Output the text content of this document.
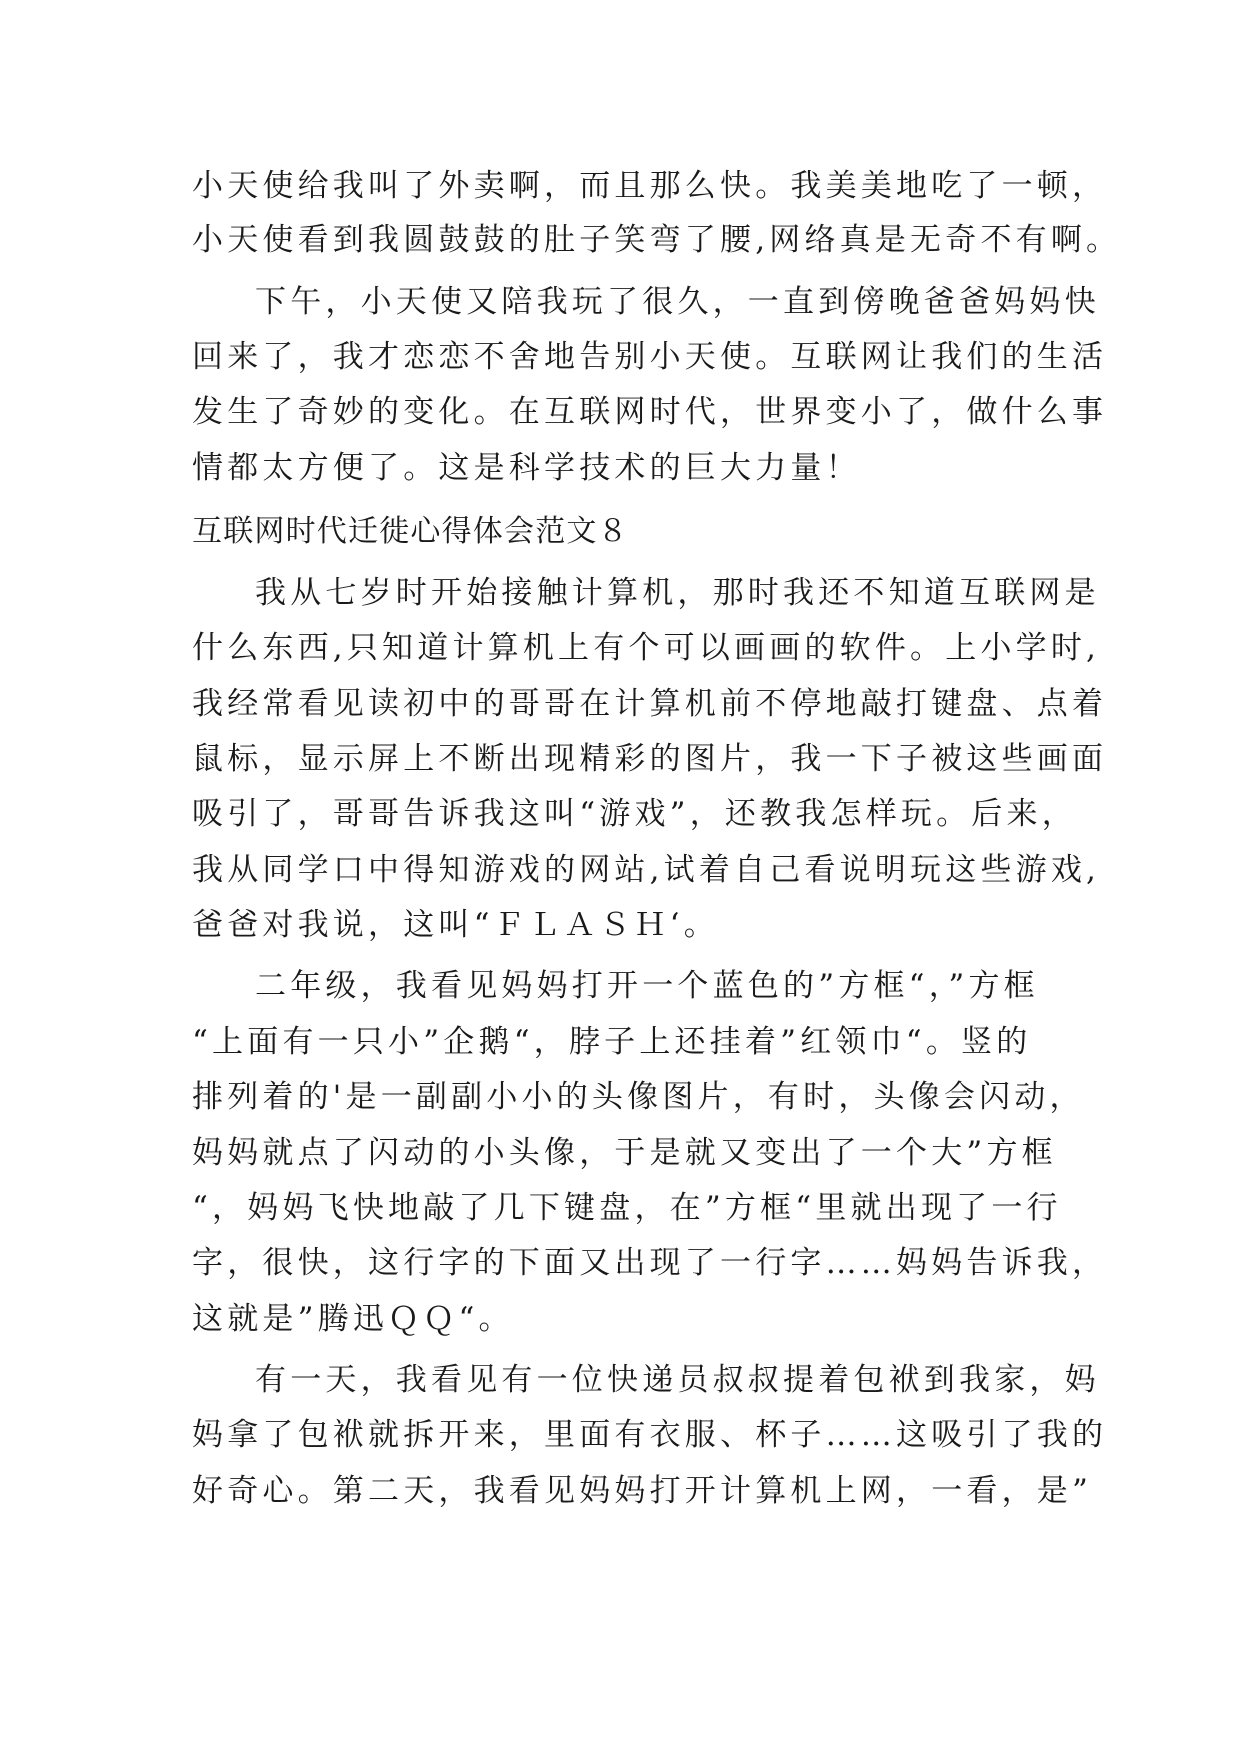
小天使给我叫了外卖啊，而且那么快。我美美地吃了一顿，
小天使看到我圆鼓鼓的肚子笑弯了腰,网络真是无奇不有啊。
下午，小天使又陪我玩了很久，一直到傍晚爸爸妈妈快
回来了，我才恋恋不舍地告别小天使。互联网让我们的生活
发生了奇妙的变化。在互联网时代，世界变小了，做什么事
情都太方便了。这是科学技术的巨大力量！
互联网时代迁徙心得体会范文８
我从七岁时开始接触计算机，那时我还不知道互联网是
什么东西,只知道计算机上有个可以画画的软件。上小学时,
我经常看见读初中的哥哥在计算机前不停地敲打键盘、点着
鼠标，显示屏上不断出现精彩的图片，我一下子被这些画面
吸引了，哥哥告诉我这叫“游戏”，还教我怎样玩。后来，
我从同学口中得知游戏的网站,试着自己看说明玩这些游戏,
爸爸对我说，这叫“ＦＬＡＳＨ‘。
二年级，我看见妈妈打开一个蓝色的”方框“，”方框
“上面有一只小”企鹅“，脖子上还挂着”红领巾“。竖的
排列着的'是一副副小小的头像图片，有时，头像会闪动，
妈妈就点了闪动的小头像，于是就又变出了一个大”方框
“，妈妈飞快地敲了几下键盘，在”方框“里就出现了一行
字，很快，这行字的下面又出现了一行字……妈妈告诉我，
这就是”腾迅ＱＱ“。
有一天，我看见有一位快递员叔叔提着包袱到我家，妈
妈拿了包袱就拆开来，里面有衣服、杯子……这吸引了我的
好奇心。第二天，我看见妈妈打开计算机上网，一看，是”
